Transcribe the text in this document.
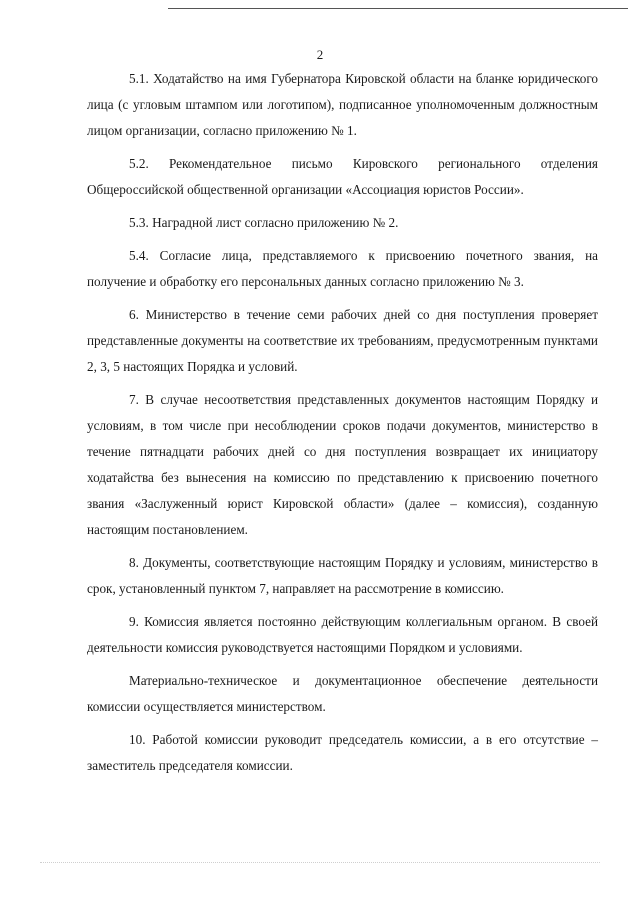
2

5.1. Ходатайство на имя Губернатора Кировской области на бланке юридического лица (с угловым штампом или логотипом), подписанное уполномоченным должностным лицом организации, согласно приложению № 1.

5.2. Рекомендательное письмо Кировского регионального отделения Общероссийской общественной организации «Ассоциация юристов России».

5.3. Наградной лист согласно приложению № 2.

5.4. Согласие лица, представляемого к присвоению почетного звания, на получение и обработку его персональных данных согласно приложению № 3.

6. Министерство в течение семи рабочих дней со дня поступления проверяет представленные документы на соответствие их требованиям, предусмотренным пунктами 2, 3, 5 настоящих Порядка и условий.

7. В случае несоответствия представленных документов настоящим Порядку и условиям, в том числе при несоблюдении сроков подачи документов, министерство в течение пятнадцати рабочих дней со дня поступления возвращает их инициатору ходатайства без вынесения на комиссию по представлению к присвоению почетного звания «Заслуженный юрист Кировской области» (далее – комиссия), созданную настоящим постановлением.

8. Документы, соответствующие настоящим Порядку и условиям, министерство в срок, установленный пунктом 7, направляет на рассмотрение в комиссию.

9. Комиссия является постоянно действующим коллегиальным органом. В своей деятельности комиссия руководствуется настоящими Порядком и условиями.

Материально-техническое и документационное обеспечение деятельности комиссии осуществляется министерством.

10. Работой комиссии руководит председатель комиссии, а в его отсутствие – заместитель председателя комиссии.
